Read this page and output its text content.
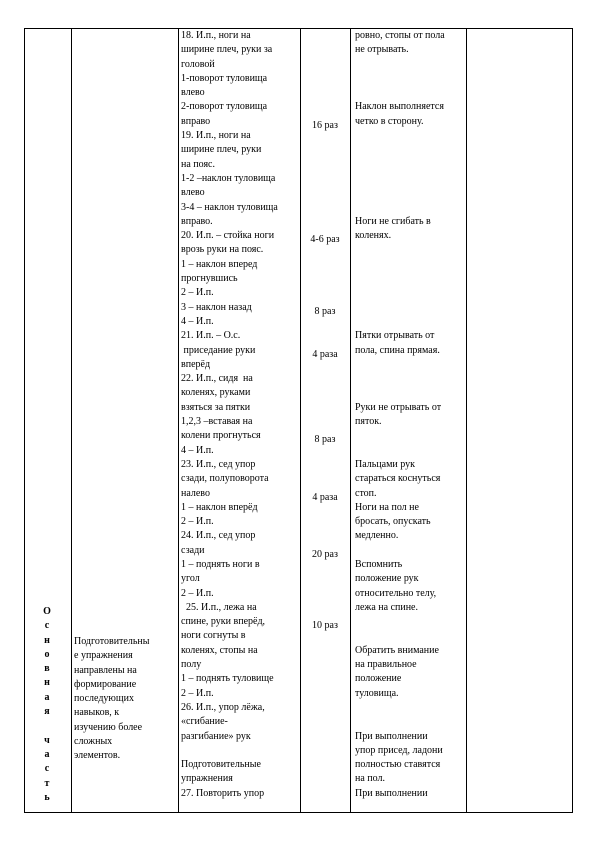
О
с
н
о
в
н
а
я

ч
а
с
т
ь
Подготовительны
е упражнения
направлены на
формирование
последующих
навыков, к
изучению более
сложных
элементов.
18. И.п., ноги на
ширине плеч, руки за
головой
1-поворот туловища
влево
2-поворот туловища
вправо
19. И.п., ноги на
ширине плеч, руки
на пояс.
1-2 –наклон туловища
влево
3-4 – наклон туловища
вправо.
20. И.п. – стойка ноги
врозь руки на пояс.
1 – наклон вперед
прогнувшись
2 – И.п.
3 – наклон назад
4 – И.п.
21. И.п. – О.с.
приседание руки
вперёд
22. И.п., сидя  на
коленях, руками
взяться за пятки
1,2,3 –вставая на
колени прогнуться
4 – И.п.
23. И.п., сед упор
сзади, полуповорота
налево
1 – наклон вперёд
2 – И.п.
24. И.п., сед упор
сзади
1 – поднять ноги в
угол
2 – И.п.
25. И.п., лежа на
спине, руки вперёд,
ноги согнуты в
коленях, стопы на
полу
1 – поднять туловище
2 – И.п.
26. И.п., упор лёжа,
«сгибание-
разгибание» рук

Подготовительные
упражнения
27. Повторить упор
16 раз
4-6 раз
8 раз
4 раза
8 раз
4 раза
20 раз
10 раз
ровно, стопы от пола
не отрывать.

Наклон выполняется
четко в сторону.

Ноги не сгибать в
коленях.

Пятки отрывать от
пола, спина прямая.

Руки не отрывать от
пяток.

Пальцами рук
стараться коснуться
стоп.
Ноги на пол не
бросать, опускать
медленно.

Вспомнить
положение рук
относительно телу,
лежа на спине.

Обратить внимание
на правильное
положение
туловища.

При выполнении
упор присед, ладони
полностью ставятся
на пол.
При выполнении
